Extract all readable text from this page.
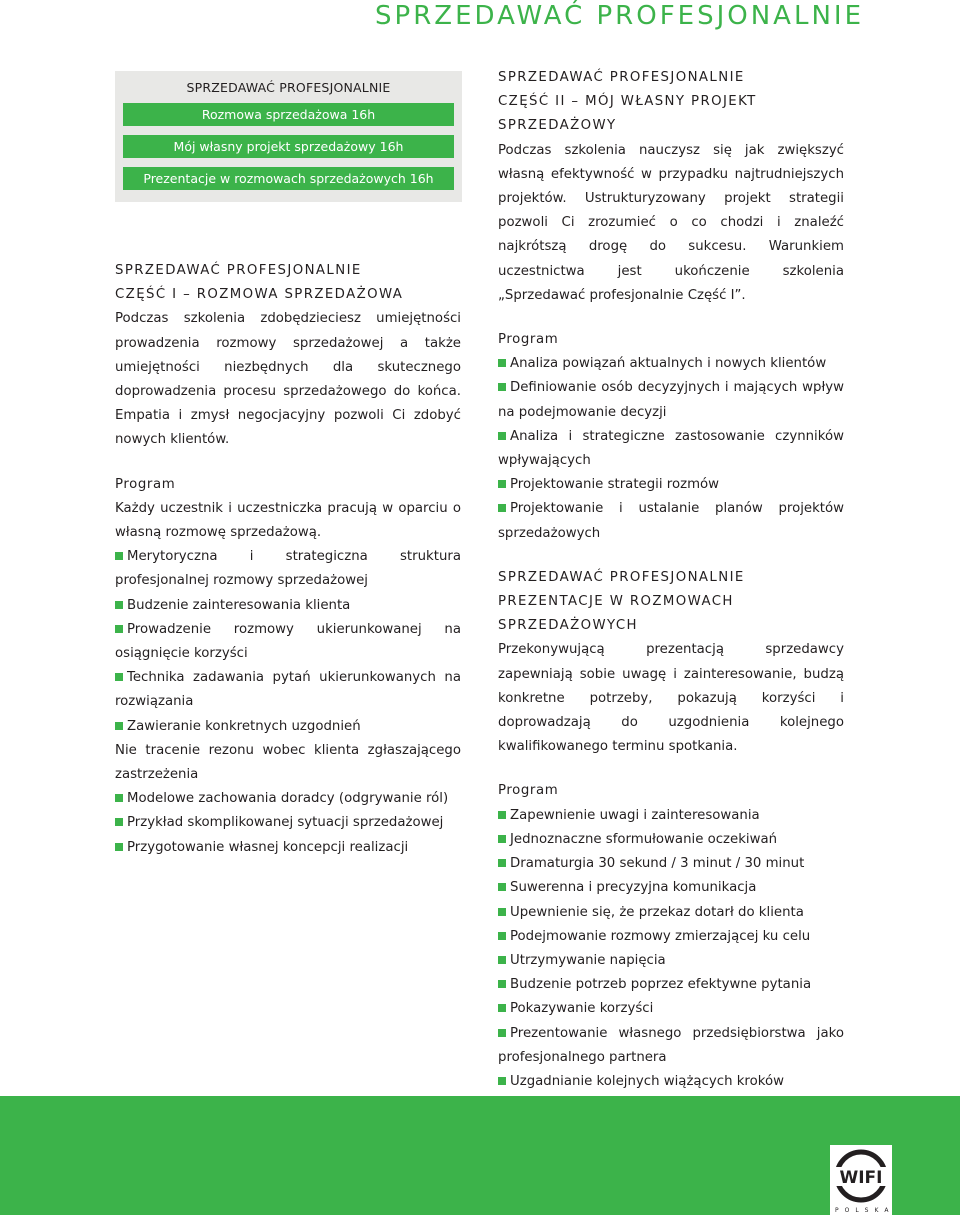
SPRZEDAWAĆ PROFESJONALNIE
SPRZEDAWAĆ PROFESJONALNIE
Rozmowa sprzedażowa 16h
Mój własny projekt sprzedażowy 16h
Prezentacje w rozmowach sprzedażowych 16h

SPRZEDAWAĆ PROFESJONALNIE

CZĘŚĆ I – ROZMOWA SPRZEDAŻOWA

Podczas szkolenia zdobędzieciesz umiejętności prowadzenia rozmowy sprzedażowej a także umiejętności niezbędnych dla skutecznego doprowadzenia procesu sprzedażowego do końca. Empatia i zmysł negocjacyjny pozwoli Ci zdobyć nowych klientów.

Program

Każdy uczestnik i uczestniczka pracują w oparciu o własną rozmowę sprzedażową.

Merytoryczna i strategiczna struktura profesjonalnej rozmowy sprzedażowej
Budzenie zainteresowania klienta
Prowadzenie rozmowy ukierunkowanej na osiągnięcie korzyści
Technika zadawania pytań ukierunkowanych na rozwiązania
Zawieranie konkretnych uzgodnień

Nie tracenie rezonu wobec klienta zgłaszającego zastrzeżenia

Modelowe zachowania doradcy (odgrywanie ról)
Przykład skomplikowanej sytuacji sprzedażowej
Przygotowanie własnej koncepcji realizacji

SPRZEDAWAĆ PROFESJONALNIE

CZĘŚĆ II – MÓJ WŁASNY PROJEKT SPRZEDAŻOWY

Podczas szkolenia nauczysz się jak zwiększyć własną efektywność w przypadku najtrudniejszych projektów. Ustrukturyzowany projekt strategii pozwoli Ci zrozumieć o co chodzi i znaleźć najkrótszą drogę do sukcesu. Warunkiem uczestnictwa jest ukończenie szkolenia „Sprzedawać profesjonalnie Część I”.

Program

Analiza powiązań aktualnych i nowych klientów
Definiowanie osób decyzyjnych i mających wpływ na podejmowanie decyzji
Analiza i strategiczne zastosowanie czynników wpływających
Projektowanie strategii rozmów
Projektowanie i ustalanie planów projektów sprzedażowych

SPRZEDAWAĆ PROFESJONALNIE

PREZENTACJE W ROZMOWACH SPRZEDAŻOWYCH

Przekonywującą prezentacją sprzedawcy zapewniają sobie uwagę i zainteresowanie, budzą konkretne potrzeby, pokazują korzyści i doprowadzają do uzgodnienia kolejnego kwalifikowanego terminu spotkania.

Program

Zapewnienie uwagi i zainteresowania
Jednoznaczne sformułowanie oczekiwań
Dramaturgia 30 sekund / 3 minut / 30 minut
Suwerenna i precyzyjna komunikacja
Upewnienie się, że przekaz dotarł do klienta
Podejmowanie rozmowy zmierzającej ku celu
Utrzymywanie napięcia
Budzenie potrzeb poprzez efektywne pytania
Pokazywanie korzyści
Prezentowanie własnego przedsiębiorstwa jako profesjonalnego partnera
Uzgadnianie kolejnych wiążących kroków
WIFI
POLSKA
